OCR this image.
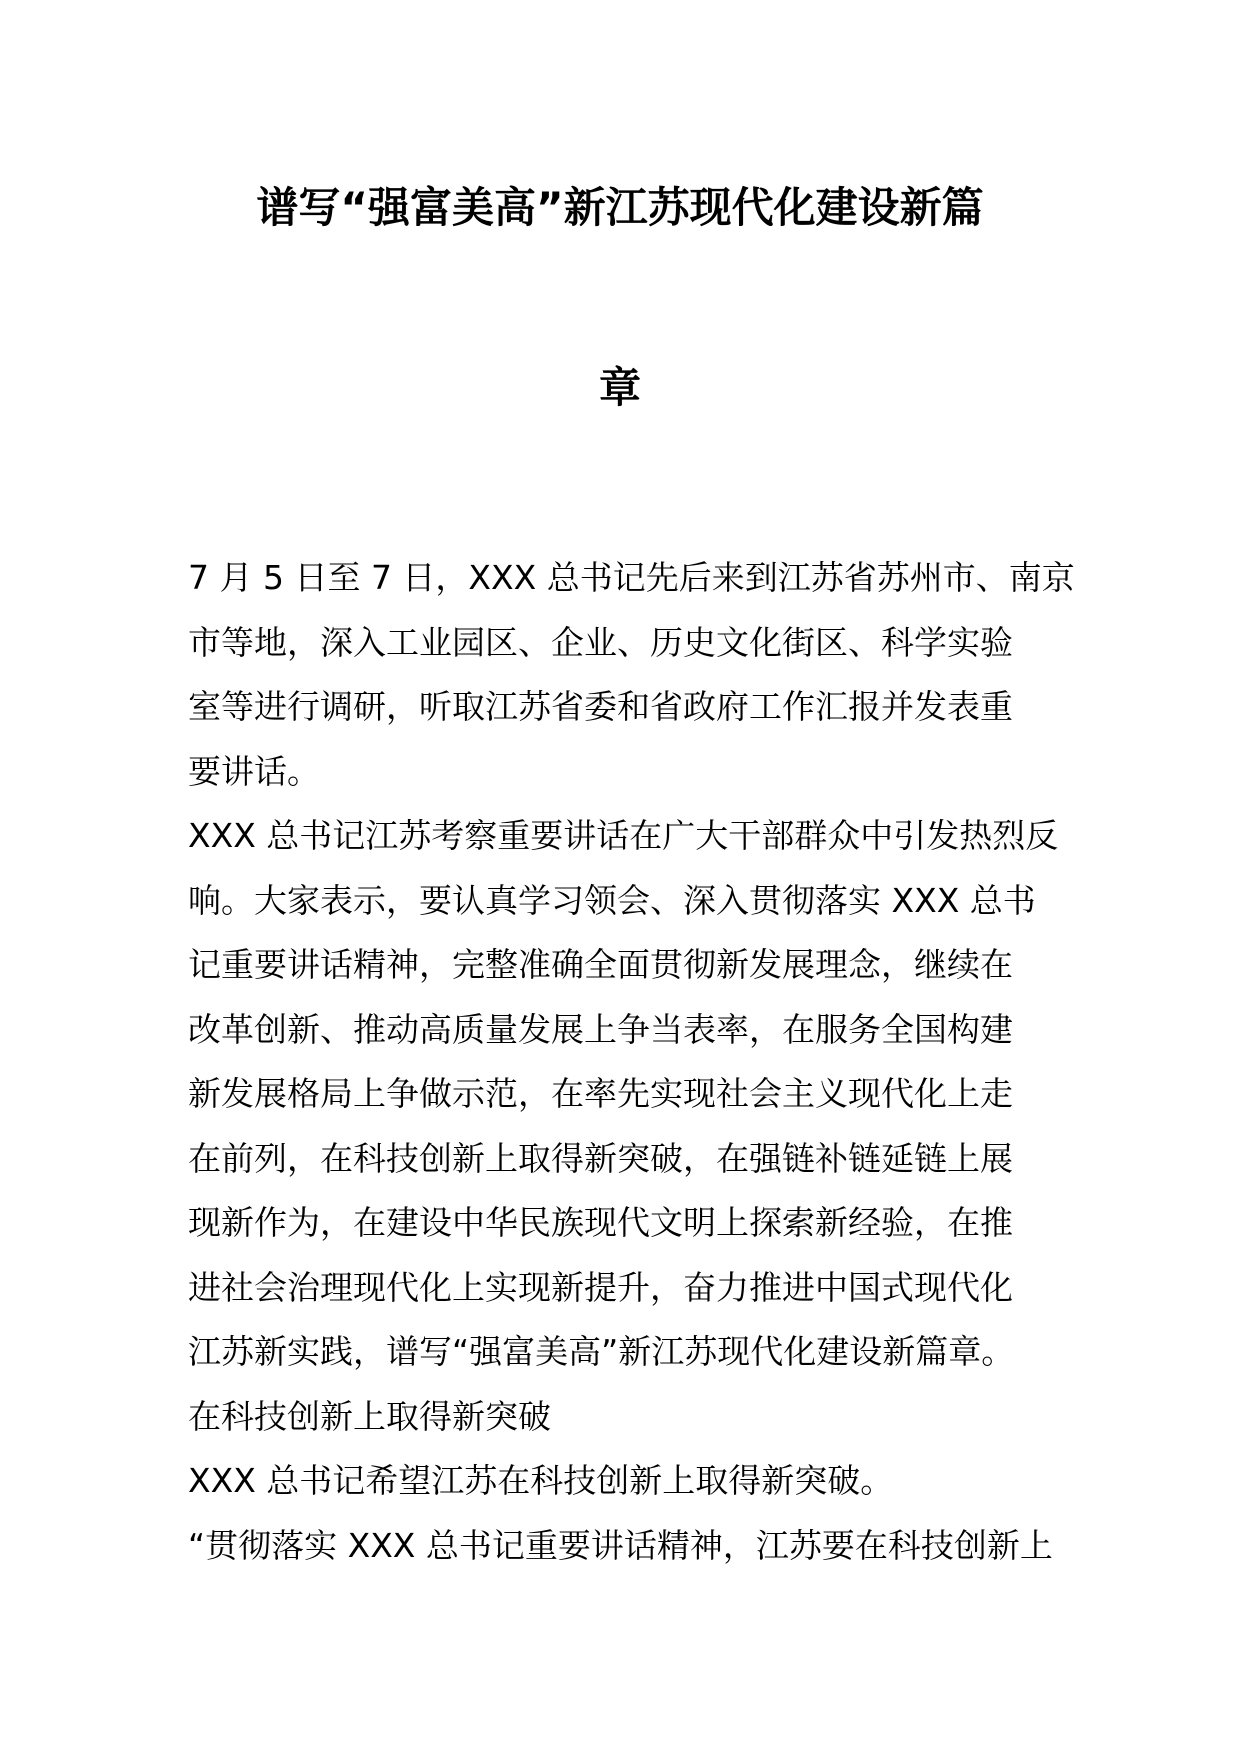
谱写“强富美高”新江苏现代化建设新篇
章
7 月 5 日至 7 日，XXX 总书记先后来到江苏省苏州市、南京
市等地，深入工业园区、企业、历史文化街区、科学实验
室等进行调研，听取江苏省委和省政府工作汇报并发表重
要讲话。
XXX 总书记江苏考察重要讲话在广大干部群众中引发热烈反
响。大家表示，要认真学习领会、深入贯彻落实 XXX 总书
记重要讲话精神，完整准确全面贯彻新发展理念，继续在
改革创新、推动高质量发展上争当表率，在服务全国构建
新发展格局上争做示范，在率先实现社会主义现代化上走
在前列，在科技创新上取得新突破，在强链补链延链上展
现新作为，在建设中华民族现代文明上探索新经验，在推
进社会治理现代化上实现新提升，奋力推进中国式现代化
江苏新实践，谱写“强富美高”新江苏现代化建设新篇章。
在科技创新上取得新突破
XXX 总书记希望江苏在科技创新上取得新突破。
“贯彻落实 XXX 总书记重要讲话精神，江苏要在科技创新上
